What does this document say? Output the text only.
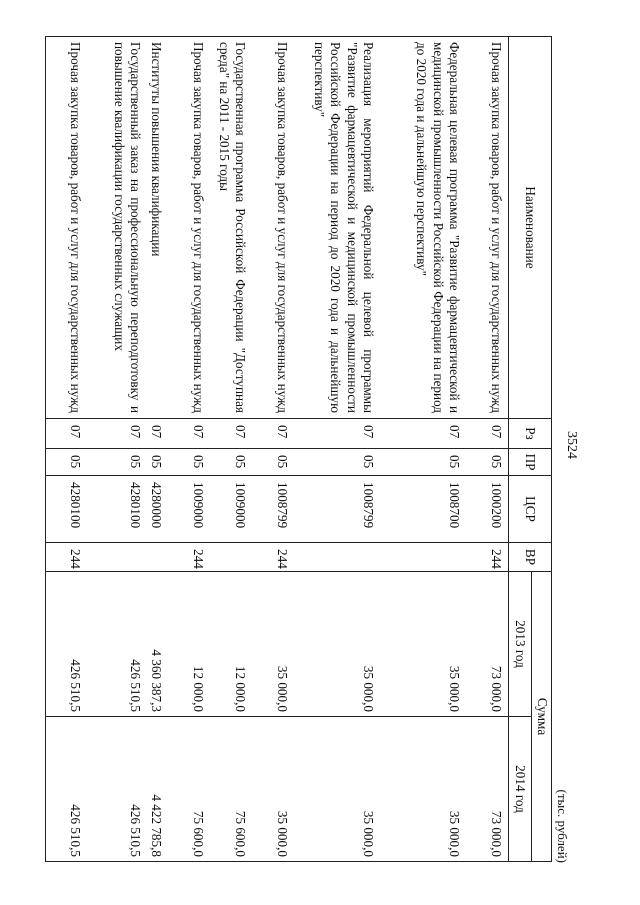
3524
(тыс. рублей)
Наименование	Рз	ПР	ЦСР	ВР	Сумма	
					2013 год	2014 год
Прочая закупка товаров, работ и услуг для государственных нужд	07	05	1000200	244	73 000,0	73 000,0
Федеральная целевая программа "Развитие фармацевтической и медицинской промышленности Российской Федерации на период до 2020 года и дальнейшую перспективу"	07	05	1008700		35 000,0	35 000,0
Реализация мероприятий Федеральной целевой программы "Развитие фармацевтической и медицинской промышленности Российской Федерации на период до 2020 года и дальнейшую перспективу"	07	05	1008799		35 000,0	35 000,0
Прочая закупка товаров, работ и услуг для государственных нужд	07	05	1008799	244	35 000,0	35 000,0
Государственная программа Российской Федерации "Доступная среда" на 2011 - 2015 годы	07	05	1009000		12 000,0	75 600,0
Прочая закупка товаров, работ и услуг для государственных нужд	07	05	1009000	244	12 000,0	75 600,0
Институты повышения квалификации	07	05	4280000		4 360 387,3	4 422 785,8
Государственный заказ на профессиональную переподготовку и повышение квалификации государственных служащих	07	05	4280100		426 510,5	426 510,5
Прочая закупка товаров, работ и услуг для государственных нужд	07	05	4280100	244	426 510,5	426 510,5
